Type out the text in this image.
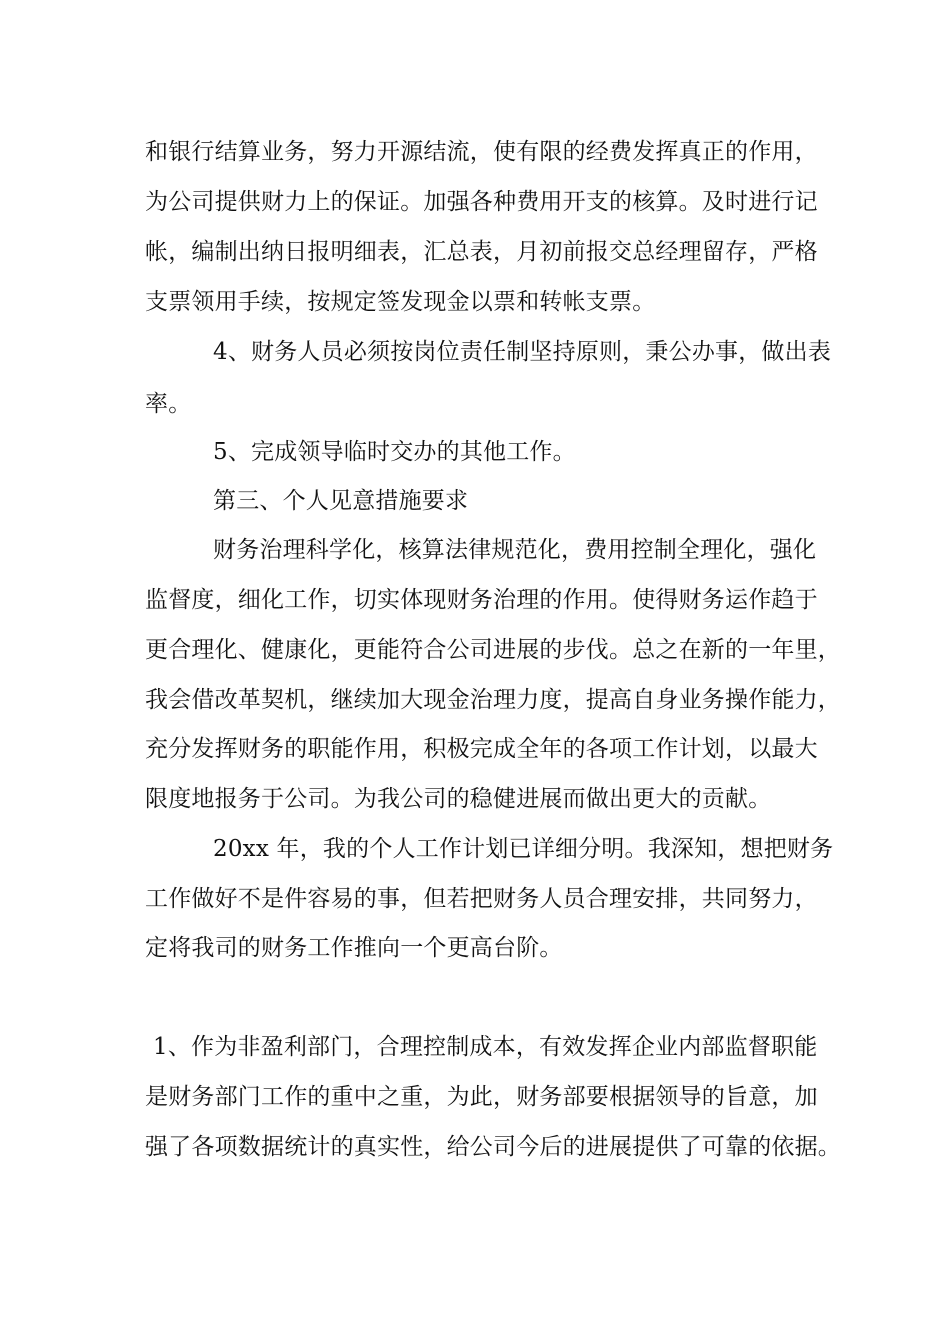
和银行结算业务，努力开源结流，使有限的经费发挥真正的作用，
为公司提供财力上的保证。加强各种费用开支的核算。及时进行记
帐，编制出纳日报明细表，汇总表，月初前报交总经理留存，严格
支票领用手续，按规定签发现金以票和转帐支票。
4、财务人员必须按岗位责任制坚持原则，秉公办事，做出表
率。
5、完成领导临时交办的其他工作。
第三、个人见意措施要求
财务治理科学化，核算法律规范化，费用控制全理化，强化
监督度，细化工作，切实体现财务治理的作用。使得财务运作趋于
更合理化、健康化，更能符合公司进展的步伐。总之在新的一年里，
我会借改革契机，继续加大现金治理力度，提高自身业务操作能力，
充分发挥财务的职能作用，积极完成全年的各项工作计划，以最大
限度地报务于公司。为我公司的稳健进展而做出更大的贡献。
20xx 年，我的个人工作计划已详细分明。我深知，想把财务
工作做好不是件容易的事，但若把财务人员合理安排，共同努力，
定将我司的财务工作推向一个更高台阶。
1、作为非盈利部门，合理控制成本，有效发挥企业内部监督职能
是财务部门工作的重中之重，为此，财务部要根据领导的旨意，加
强了各项数据统计的真实性，给公司今后的进展提供了可靠的依据。
